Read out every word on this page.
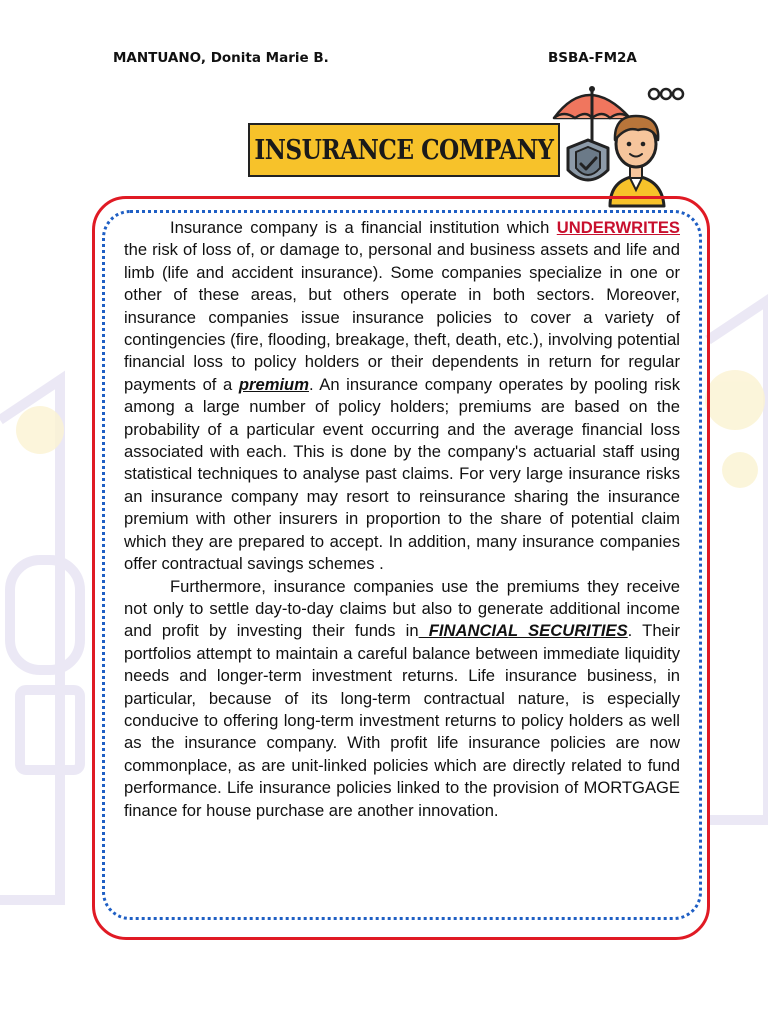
MANTUANO, Donita Marie B.	BSBA-FM2A
INSURANCE COMPANY

Insurance company is a financial institution which UNDERWRITES the risk of loss of, or damage to, personal and business assets and life and limb (life and accident insurance). Some companies specialize in one or other of these areas, but others operate in both sectors. Moreover, insurance companies issue insurance policies to cover a variety of contingencies (fire, flooding, breakage, theft, death, etc.), involving potential financial loss to policy holders or their dependents in return for regular payments of a premium. An insurance company operates by pooling risk among a large number of policy holders; premiums are based on the probability of a particular event occurring and the average financial loss associated with each. This is done by the company's actuarial staff using statistical techniques to analyse past claims. For very large insurance risks an insurance company may resort to reinsurance sharing the insurance premium with other insurers in proportion to the share of potential claim which they are prepared to accept. In addition, many insurance companies offer contractual savings schemes .

Furthermore, insurance companies use the premiums they receive not only to settle day-to-day claims but also to generate additional income and profit by investing their funds in FINANCIAL SECURITIES. Their portfolios attempt to maintain a careful balance between immediate liquidity needs and longer-term investment returns. Life insurance business, in particular, because of its long-term contractual nature, is especially conducive to offering long-term investment returns to policy holders as well as the insurance company. With profit life insurance policies are now commonplace, as are unit-linked policies which are directly related to fund performance. Life insurance policies linked to the provision of MORTGAGE finance for house purchase are another innovation.
